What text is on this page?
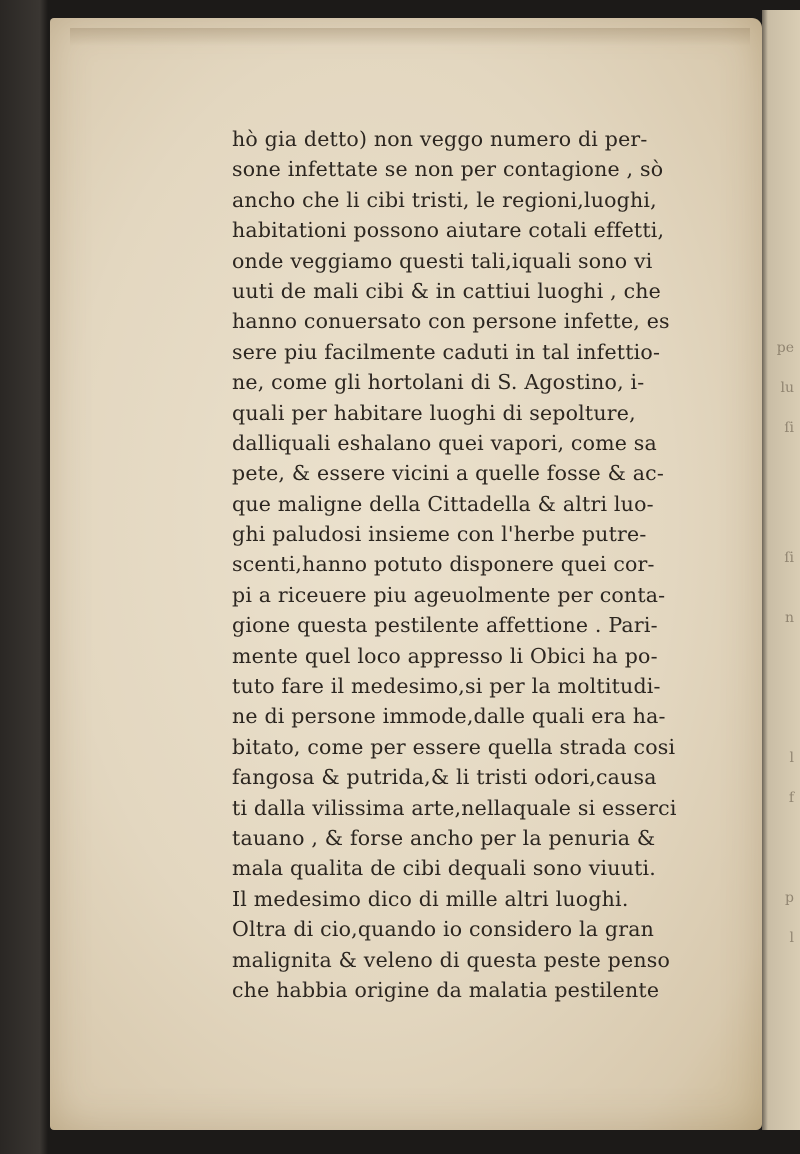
pe
lu
ſi
ſi
n
l
f
p
l
hò gia detto) non veggo numero di per‐
sone infettate se non per contagione , sò
ancho che li cibi tristi, le regioni,luoghi,
habitationi possono aiutare cotali effetti,
onde veggiamo questi tali,iquali sono vi
uuti de mali cibi & in cattiui luoghi , che
hanno conuersato con persone infette, es
sere piu facilmente caduti in tal infettio‐
ne, come gli hortolani di S. Agostino, i‐
quali per habitare luoghi di sepolture,
dalliquali eshalano quei vapori, come sa
pete, & essere vicini a quelle fosse & ac‐
que maligne della Cittadella & altri luo‐
ghi paludosi insieme con l'herbe putre‐
scenti,hanno potuto disponere quei cor‐
pi a riceuere piu ageuolmente per conta‐
gione questa pestilente affettione . Pari‐
mente quel loco appresso li Obici ha po‐
tuto fare il medesimo,si per la moltitudi‐
ne di persone immode,dalle quali era ha‐
bitato, come per essere quella strada cosi
fangosa & putrida,& li tristi odori,causa
ti dalla vilissima arte,nellaquale si esserci
tauano , & forse ancho per la penuria &
mala qualita de cibi dequali sono viuuti.
Il medesimo dico di mille altri luoghi.
Oltra di cio,quando io considero la gran
malignita & veleno di questa peste penso
che habbia origine da malatia pestilente
